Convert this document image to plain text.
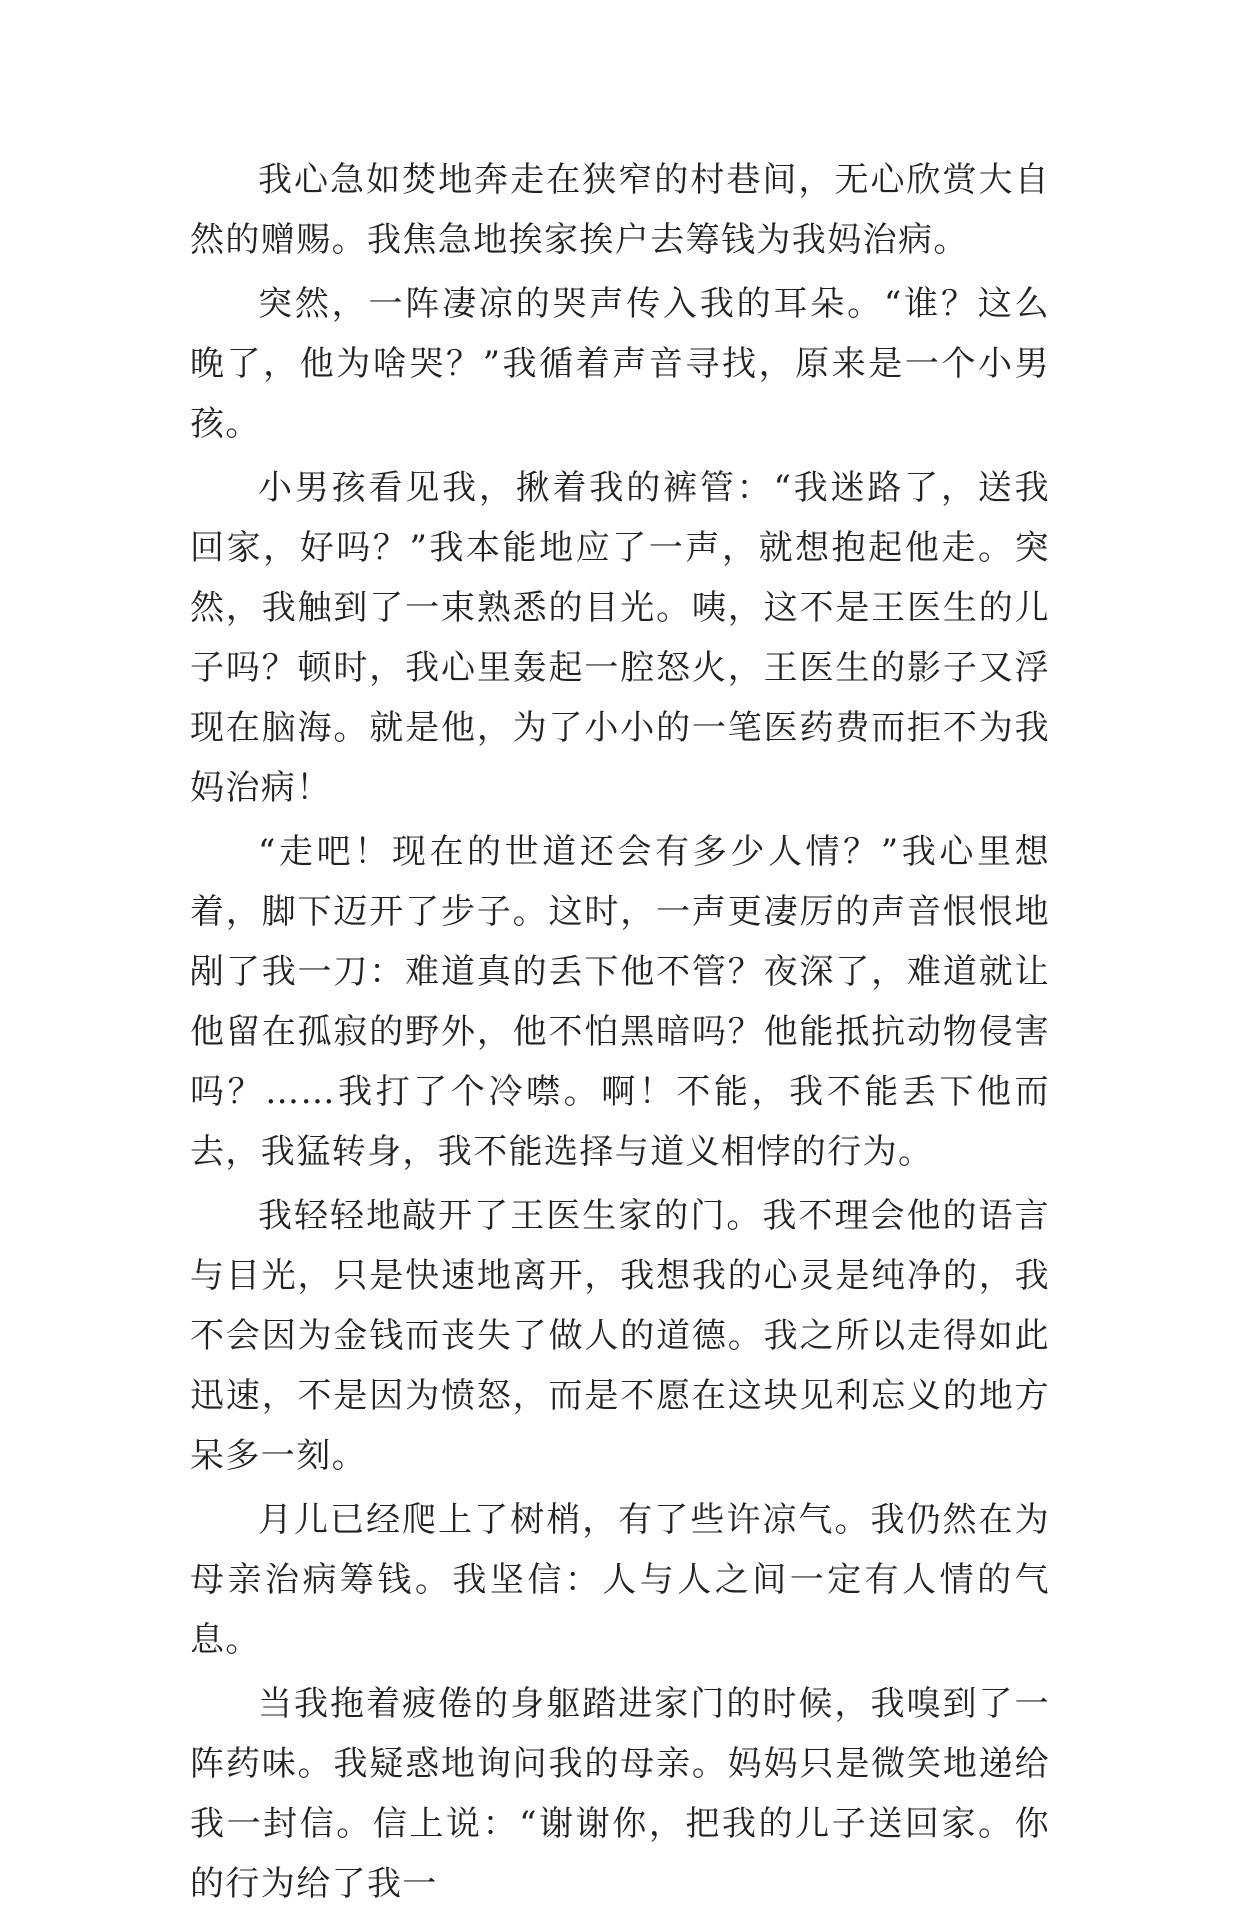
我心急如焚地奔走在狭窄的村巷间，无心欣赏大自然的赠赐。我焦急地挨家挨户去筹钱为我妈治病。

突然，一阵凄凉的哭声传入我的耳朵。“谁？这么晚了，他为啥哭？”我循着声音寻找，原来是一个小男孩。

小男孩看见我，揪着我的裤管：“我迷路了，送我回家，好吗？”我本能地应了一声，就想抱起他走。突然，我触到了一束熟悉的目光。咦，这不是王医生的儿子吗？顿时，我心里轰起一腔怒火，王医生的影子又浮现在脑海。就是他，为了小小的一笔医药费而拒不为我妈治病！

“走吧！现在的世道还会有多少人情？”我心里想着，脚下迈开了步子。这时，一声更凄厉的声音恨恨地剐了我一刀：难道真的丢下他不管？夜深了，难道就让他留在孤寂的野外，他不怕黑暗吗？他能抵抗动物侵害吗？……我打了个冷噤。啊！不能，我不能丢下他而去，我猛转身，我不能选择与道义相悖的行为。

我轻轻地敲开了王医生家的门。我不理会他的语言与目光，只是快速地离开，我想我的心灵是纯净的，我不会因为金钱而丧失了做人的道德。我之所以走得如此迅速，不是因为愤怒，而是不愿在这块见利忘义的地方呆多一刻。

月儿已经爬上了树梢，有了些许凉气。我仍然在为母亲治病筹钱。我坚信：人与人之间一定有人情的气息。

当我拖着疲倦的身躯踏进家门的时候，我嗅到了一阵药味。我疑惑地询问我的母亲。妈妈只是微笑地递给我一封信。信上说：“谢谢你，把我的儿子送回家。你的行为给了我一
